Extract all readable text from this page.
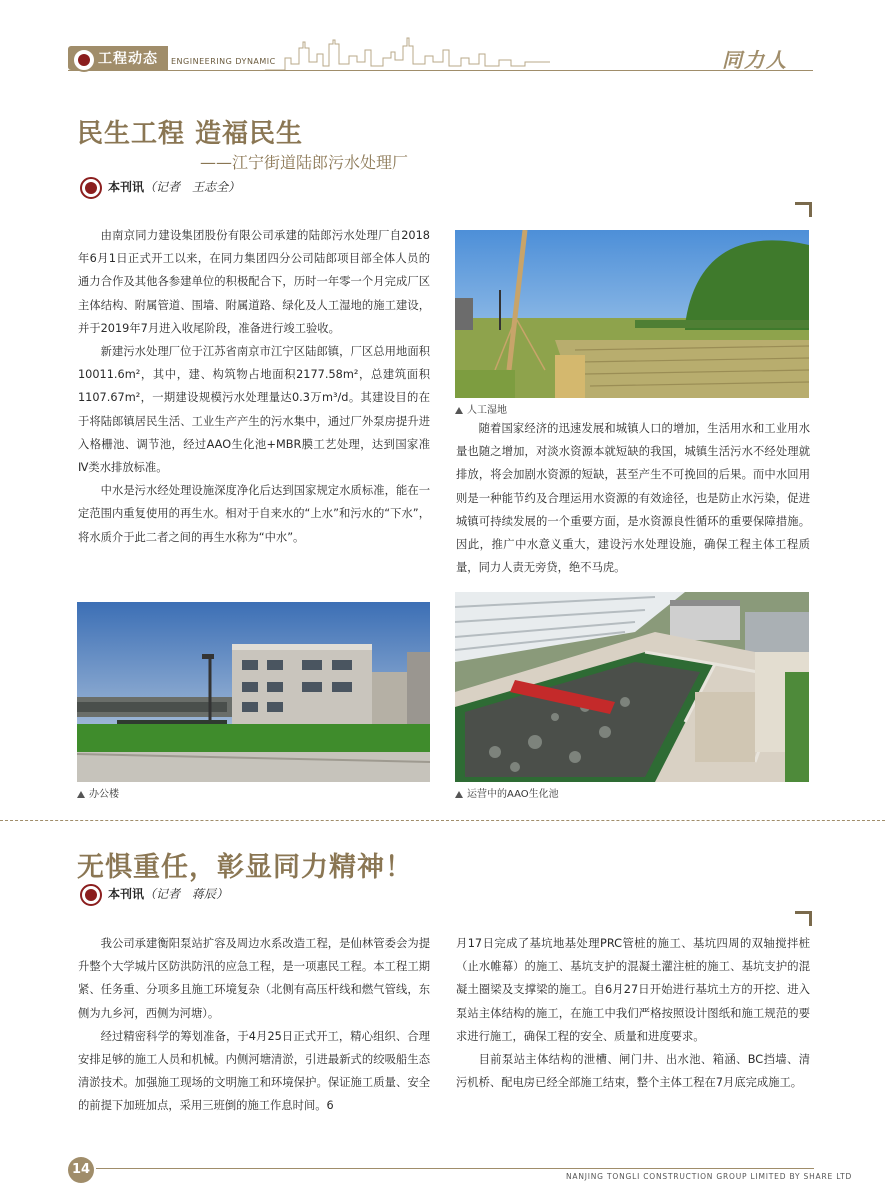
工程动态 ENGINEERING DYNAMIC	同力人
民生工程 造福民生
——江宁街道陆郎污水处理厂
本刊讯（记者　王志全）

由南京同力建设集团股份有限公司承建的陆郎污水处理厂自2018年6月1日正式开工以来，在同力集团四分公司陆郎项目部全体人员的通力合作及其他各参建单位的积极配合下，历时一年零一个月完成厂区主体结构、附属管道、围墙、附属道路、绿化及人工湿地的施工建设，并于2019年7月进入收尾阶段，准备进行竣工验收。

新建污水处理厂位于江苏省南京市江宁区陆郎镇，厂区总用地面积10011.6m²，其中，建、构筑物占地面积2177.58m²，总建筑面积1107.67m²，一期建设规模污水处理量达0.3万m³/d。其建设目的在于将陆郎镇居民生活、工业生产产生的污水集中，通过厂外泵房提升进入格栅池、调节池，经过AAO生化池+MBR膜工艺处理，达到国家准Ⅳ类水排放标准。

中水是污水经处理设施深度净化后达到国家规定水质标准，能在一定范围内重复使用的再生水。相对于自来水的“上水”和污水的“下水”，将水质介于此二者之间的再生水称为“中水”。

人工湿地

随着国家经济的迅速发展和城镇人口的增加，生活用水和工业用水量也随之增加，对淡水资源本就短缺的我国，城镇生活污水不经处理就排放，将会加剧水资源的短缺，甚至产生不可挽回的后果。而中水回用则是一种能节约及合理运用水资源的有效途径，也是防止水污染，促进城镇可持续发展的一个重要方面，是水资源良性循环的重要保障措施。因此，推广中水意义重大，建设污水处理设施，确保工程主体工程质量，同力人责无旁贷，绝不马虎。

办公楼	运营中的AAO生化池
无惧重任，彰显同力精神！
本刊讯（记者　蒋辰）

我公司承建衡阳泵站扩容及周边水系改造工程，是仙林管委会为提升整个大学城片区防洪防汛的应急工程，是一项惠民工程。本工程工期紧、任务重、分项多且施工环境复杂（北侧有高压杆线和燃气管线，东侧为九乡河，西侧为河塘）。

经过精密科学的筹划准备，于4月25日正式开工，精心组织、合理安排足够的施工人员和机械。内侧河塘清淤，引进最新式的绞吸船生态清淤技术。加强施工现场的文明施工和环境保护。保证施工质量、安全的前提下加班加点，采用三班倒的施工作息时间。6

月17日完成了基坑地基处理PRC管桩的施工、基坑四周的双轴搅拌桩（止水帷幕）的施工、基坑支护的混凝土灌注桩的施工、基坑支护的混凝土圈梁及支撑梁的施工。自6月27日开始进行基坑土方的开挖、进入泵站主体结构的施工，在施工中我们严格按照设计图纸和施工规范的要求进行施工，确保工程的安全、质量和进度要求。

目前泵站主体结构的泄槽、闸门井、出水池、箱涵、BC挡墙、清污机桥、配电房已经全部施工结束，整个主体工程在7月底完成施工。

14	NANJING TONGLI CONSTRUCTION GROUP LIMITED BY SHARE LTD
